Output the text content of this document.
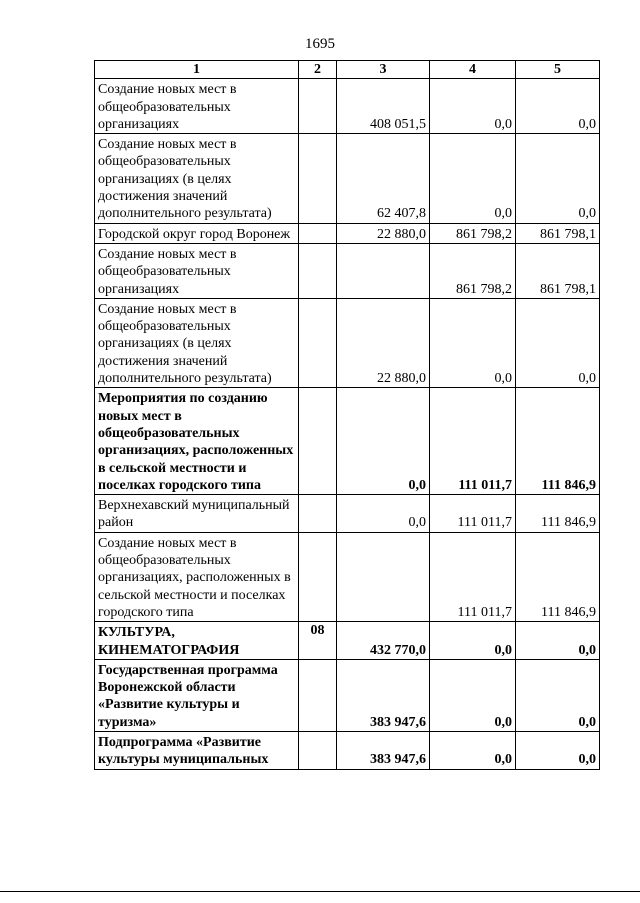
1695
1	2	3	4	5
Создание новых мест в общеобразовательных организациях		408 051,5	0,0	0,0
Создание новых мест в общеобразовательных организациях (в целях достижения значений дополнительного результата)		62 407,8	0,0	0,0
Городской округ город Воронеж		22 880,0	861 798,2	861 798,1
Создание новых мест в общеобразовательных организациях			861 798,2	861 798,1
Создание новых мест в общеобразовательных организациях (в целях достижения значений дополнительного результата)		22 880,0	0,0	0,0
Мероприятия по созданию новых мест в общеобразовательных организациях, расположенных в сельской местности и поселках городского типа		0,0	111 011,7	111 846,9
Верхнехавский муниципальный район		0,0	111 011,7	111 846,9
Создание новых мест в общеобразовательных организациях, расположенных в сельской местности и поселках городского типа			111 011,7	111 846,9
КУЛЬТУРА, КИНЕМАТОГРАФИЯ	08	432 770,0	0,0	0,0
Государственная программа Воронежской области «Развитие культуры и туризма»		383 947,6	0,0	0,0
Подпрограмма «Развитие культуры муниципальных		383 947,6	0,0	0,0
